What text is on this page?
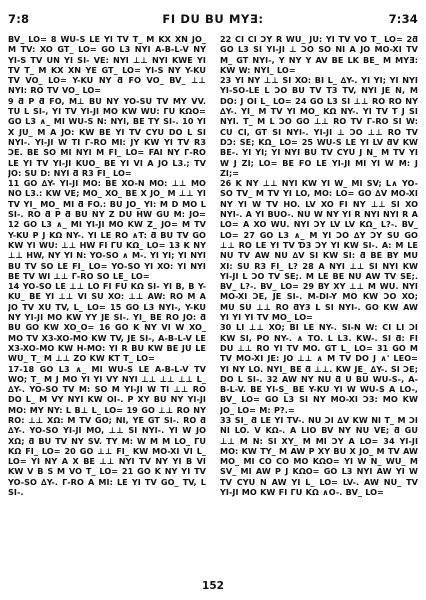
7:8	FI DU BU MYƎ:	7:34

BV_ LO= 8 WU-S LE YI TV T_ M KX XN JO_ M TV: XO GT_ LO= GO L3 NYI A-B-L-V NY YI-S TV UN YI SI- VE: NYI ⊥⊥ NYI KWE YI TV T_ M KX XN YE GT_ LO= YI-S NY Y-KU TV VO_ LO= Y-KU NY ƌ FO VO_ BV_ ⊥⊥ NYI: RO TV VO_ LO=

9 ƌ P ƌ FO, M⊥ BU NY YO-SU TV MY VV. TU L SI-, YI TV YI-JI MO KW WU: ΓU KΩO= GO L3 ∧_ MI WU-S N: NYI, BE TY SI-. 10 YI X JU_ M A JO: KW BE YI TV CYU DO L SI NYI-. YI-JI W TI Γ-RO MI: JY KW YI TV R3 ƆE. BE SO MI NYI M FI_ LO= FAI NY Γ-RO LE YI TV YI-JI KUO_ BE YI VI A JO L3.; TV JO: SU D: NYI ƌ R3 FI_ LO=

11 GO ∆Y- YI-JI MO: BE XO-N MO: ⊥⊥ MO NO L3.: KW VE; MO_ XO_ BE X JO_ M ⊥⊥ YI TV YI_ MO_ MI ƌ FO.: BU JO_ YI: M D MO L SI-. RO ƌ P ƌ BU NY Z DU HW GU M: JO= 12 GO L3 ∧_ MI YI-JI MO KW Z_ JO= M TV Y-KU P J KΩ NY-. YI LE RO ∧T: ƌ BU TV GO KW YI WU: ⊥⊥ HW FI ΓU KΩ_ LO= 13 K NY ⊥⊥ HW, NY YI N: YO-SO ∧ M-. YI YI; YI NYI BU TV SO LE FI_ LO= YO-SO YI XO: YI NYI BE TV WI ⊥⊥ Γ-RO SO LE_ LO=

14 YO-SO LE ⊥⊥ LO FI FU KΩ SI- YI B, B Y-KU_ BE YI ⊥⊥ VI SU XO: ⊥⊥ AW: RO M A JO TV XU TV, L_ LO= 15 GO L3 NYI-, Y-KU NY YI-JI MO KW YY JE SI-. YI_ BE RO JO: ƌ BU GO KW XO_O= 16 GO K NY VI W XO_ MO TV X3-XO-MO KW TV, JE SI-, A-B-L-V LE X3-XO-MO KW H-MO: YI R BU KW BE JU LE WU_ T_ M ⊥⊥ ZO KW KT T_ LO=

17-18 GO L3 ∧_ MI WU-S LE A-B-L-V TV WO; T_ M J MO YI YI VY NYI ⊥⊥ ⊥⊥ ⊥⊥ L_ ∆Y-. YO-SO TV M: SO M YI-JI W TI ⊥⊥ RO DO L_ M VY NYI KW OI-. P XY BU NY YI-JI MO: MY NY: L B⊥ L_ LO= 19 GO ⊥⊥ RO NY RO: ⊥⊥ XΩ: M TV GO; NI, YE GT SI-. RO ƌ ∆Y-. YO-SO YI-JI MO, ⊥⊥ SI NYI-. YI W JO XΩ; ƌ BU TV NY SV. TY M: W M M LO_ ΓU KΩ FI_ LO= 20 GO ⊥⊥ FI_ KW MO-XI VI L_ LO= YI NY A X BE ⊥⊥ NYI TV NY YI B VI KW V B S M VO T_ LO= 21 GO K NY YI TV YO-SO ∆Y-. Γ-RO A MI: LE YI TV GO_ TV, L SI-.

22 CI CI ƆY R WU_ JU: YI TV VO T_ LO= 2ƌ GO L3 SI YI-JI ⊥ ƆO SO NI A JO MO-XI TV M_ GT NYI-, Y NY Y AV BE LK BE_ M MYƎ: KW W: NYI_ LO=

23 YI NY ⊥⊥ SI XO: BI L_ ∆Y-. YI YI; YI NYI YI-SO-LE L ƆO BU TV T3 TV, NYI JE N, M DO: J OI L_ LO= 24 GO L3 SI ⊥⊥ RO RO NY ∆Y-. YI_ M TV YI MO_ KΩ NY-. YI TV T J SI NYI. T_ M L ƆO GO ⊥⊥ RO TV Γ-RO SI W: CU CI, GT SI NYI-. YI-JI ⊥ ƆO ⊥⊥ RO TV DƆ: SE; KΩ_ LO= 25 WU-S LE YI LV ƌV KW BE-. YI YI; YI NYI BU TV CYU J N_ M TV YI W J ZI; LO= BE FO LE YI-JI MI YI W M: J ZI;=

26 K NY ⊥⊥ NYI KW YI W_ MI SV; L∧ YO-SO TV_ M TV YI LO, MO: LO= GO ∆V MO-XI NY YI W TV HO. LV XO FI NY ⊥⊥ SI XO NYI-. A YI BUO-. NU W NY YI R NYI NYI R A LO= A XO WU. NYI ƆY LV LV KΩ_ L?-. BV_ LO= 27 GO L3 ∧_ M YI ƆO ∆Y ƆY SU GO ⊥⊥ RO LE YI TV Ɗ3 ƆY YI KW SI-. A: M LE NU TV AW NU ∆V SI KW SI: ƌ BE BY MU XI: SU R3 FI_ L? 28 A NYI ⊥⊥ SI NYI KW YI-JI L ƆO TV SE;. M LE BE NU AW TV SE;. BV_ L?-. BV_ LO= 29 BY XY ⊥⊥ M WU. NYI MO-XI ƆE, JE SI-. M-DI-Y MO KW ƆO XO; MU SU ⊥⊥ RO ƌY3 L SI NYI-. GO KW AW YI YI YI TV MO_ LO=

30 LI ⊥⊥ XO; BI LE NY-. SI-N W: CI LI ƆI KW SI, PO NY-. ∧ TO. L L3. KW-. SI ƌ: FI DU ⊥⊥ RO YI TV MO. GT L_ LO= 31 GO M TV MO-XI JE: JO ⊥⊥ ∧ M TV DO J ∧' LEO= YI NY LO. NYI_ BE ƌ ⊥⊥. KW JE_ ∆Y-. SI ƆE; DO L SI-. 32 AW NY NU ƌ U BU WU-S-, A-B-L-V. BE YI-S_ BE Y-KU YI W WU-S A LO-, BV_ LO= GO L3 SI NY MO-XI Ɔ3: MO KW JO_ LO= M: P?.=

33 SI_ ƌ LE YI TV-. NU ƆI ∆V KW NI T_ M ƆI NI LO. V KΩ-. A LIO BV NY NU VE; ƌ GU ⊥⊥ M N: SI XY_ M MI ƆY A LO= 34 YI-JI MO: KW TY_ M AW P XY BU X JO_ M TV AW MO_ MI CO CO MO KΩO= YI W N_ WU_ M SV_ MI AW P J KΩO= GO L3 NYI AW YI W TV CYU N AW YI L_ LO= LV-. AW NU_ TV YI-JI MO KW FI ΓU KΩ ∧O-. BV_ LO=

152
